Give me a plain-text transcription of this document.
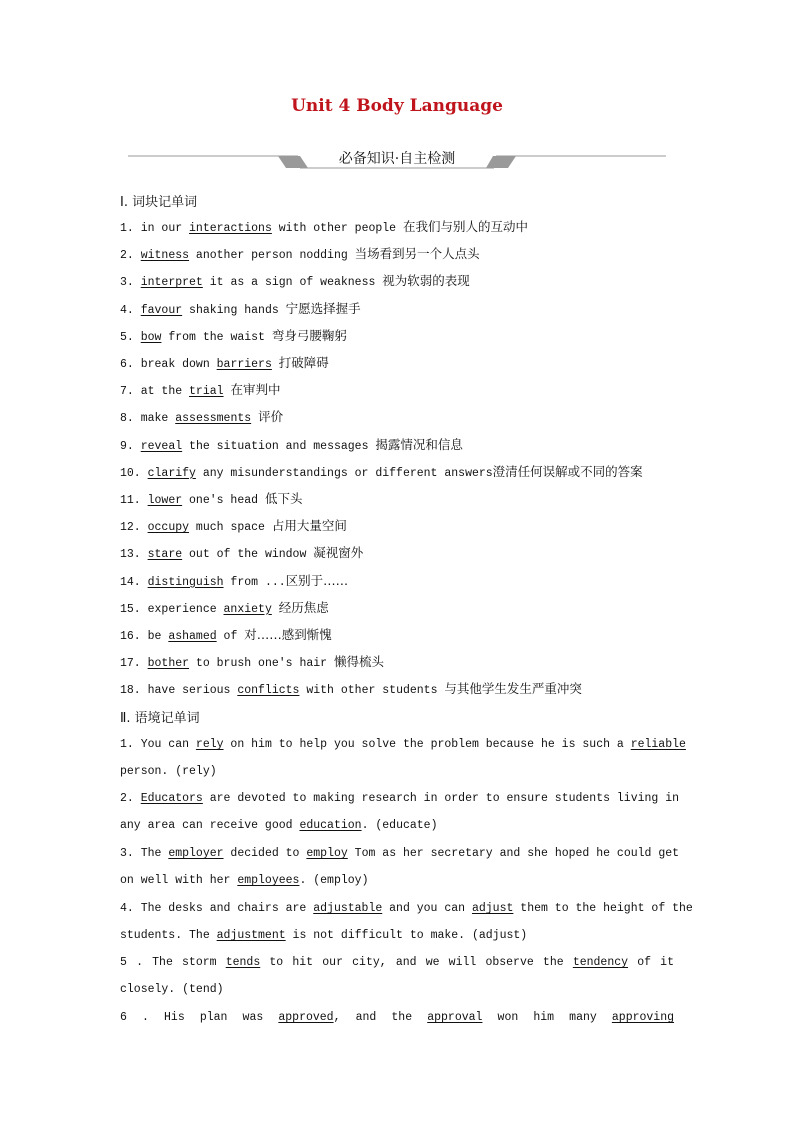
Unit 4 Body Language
必备知识·自主检测
Ⅰ. 词块记单词
1. in our interactions with other people 在我们与别人的互动中
2. witness another person nodding 当场看到另一个人点头
3. interpret it as a sign of weakness 视为软弱的表现
4. favour shaking hands 宁愿选择握手
5. bow from the waist 弯身弓腰鞠躬
6. break down barriers 打破障碍
7. at the trial 在审判中
8. make assessments 评价
9. reveal the situation and messages 揭露情况和信息
10. clarify any misunderstandings or different answers澄清任何误解或不同的答案
11. lower one's head 低下头
12. occupy much space 占用大量空间
13. stare out of the window 凝视窗外
14. distinguish from ...区别于……
15. experience anxiety 经历焦虑
16. be ashamed of 对……感到惭愧
17. bother to brush one's hair 懒得梳头
18. have serious conflicts with other students 与其他学生发生严重冲突
Ⅱ. 语境记单词
1. You can rely on him to help you solve the problem because he is such a reliable
person. (rely)
2. Educators are devoted to making research in order to ensure students living in
any area can receive good education. (educate)
3. The employer decided to employ Tom as her secretary and she hoped he could get
on well with her employees. (employ)
4. The desks and chairs are adjustable and you can adjust them to the height of the
students. The adjustment is not difficult to make. (adjust)
5 . The storm tends to hit our city, and we will observe the tendency of it
closely. (tend)
6 . His plan was approved, and the approval won him many approving
